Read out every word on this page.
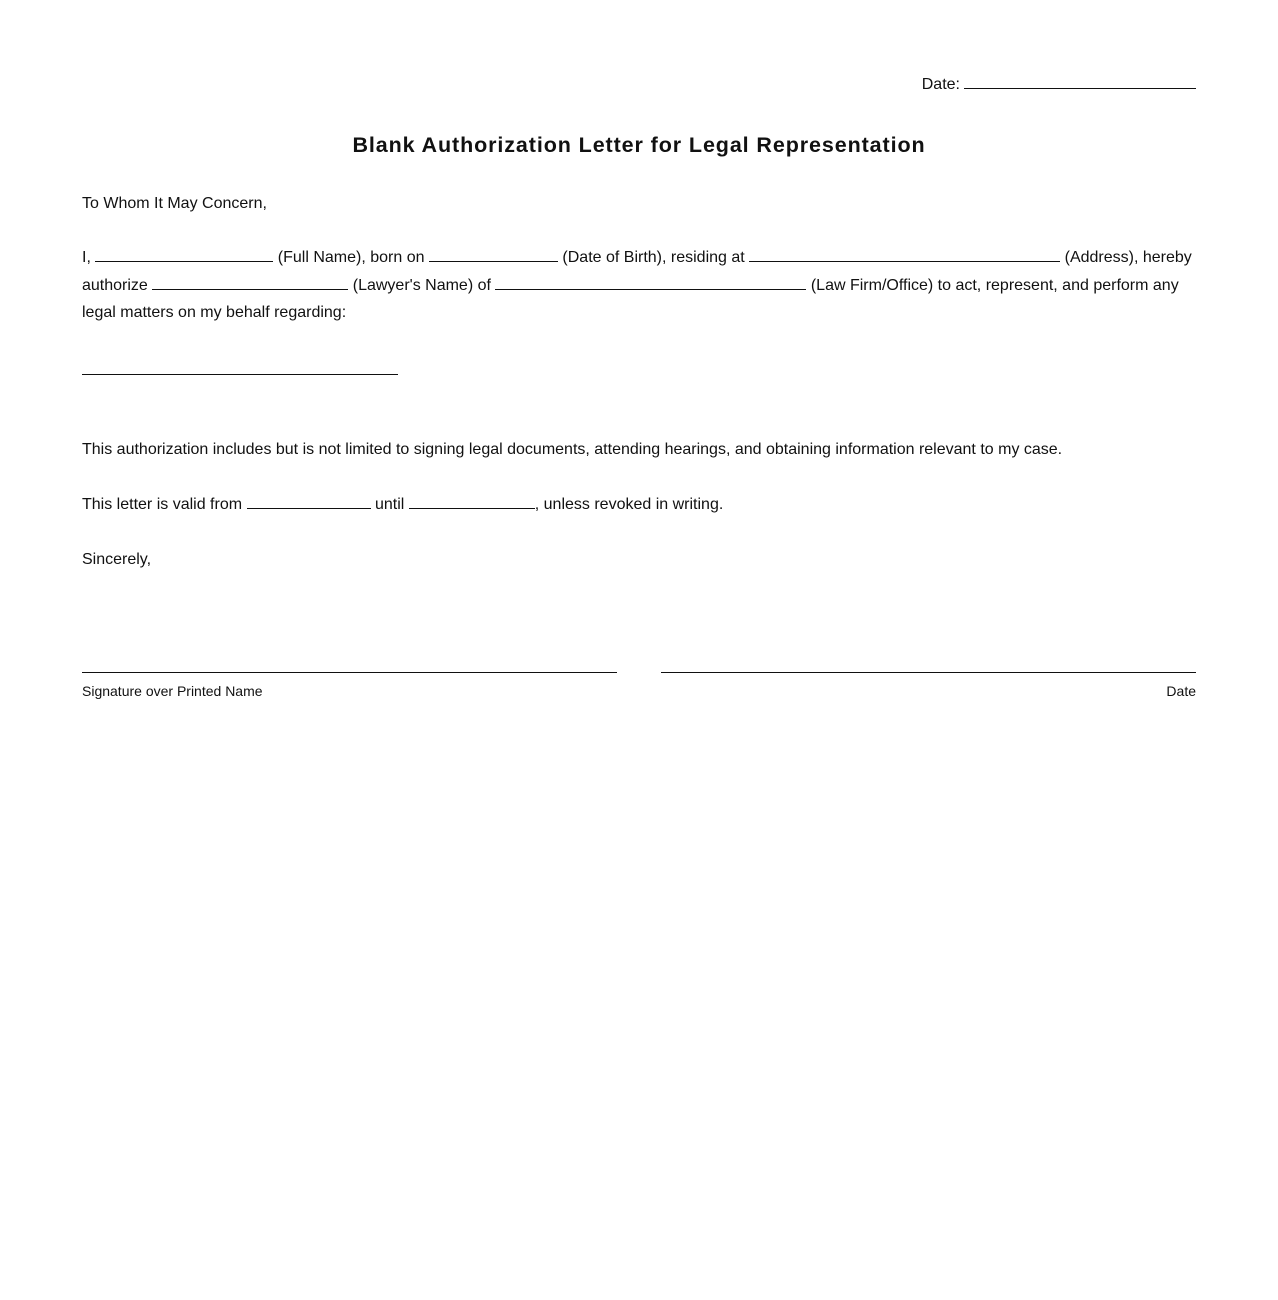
Date:
Blank Authorization Letter for Legal Representation
To Whom It May Concern,
I,	(Full Name), born on	(Date of Birth), residing at	(Address), hereby authorize	(Lawyer's Name) of	(Law Firm/Office) to act, represent, and perform any legal matters on my behalf regarding:
This authorization includes but is not limited to signing legal documents, attending hearings, and obtaining information relevant to my case.
This letter is valid from	until	, unless revoked in writing.
Sincerely,
Signature over Printed Name	Date
